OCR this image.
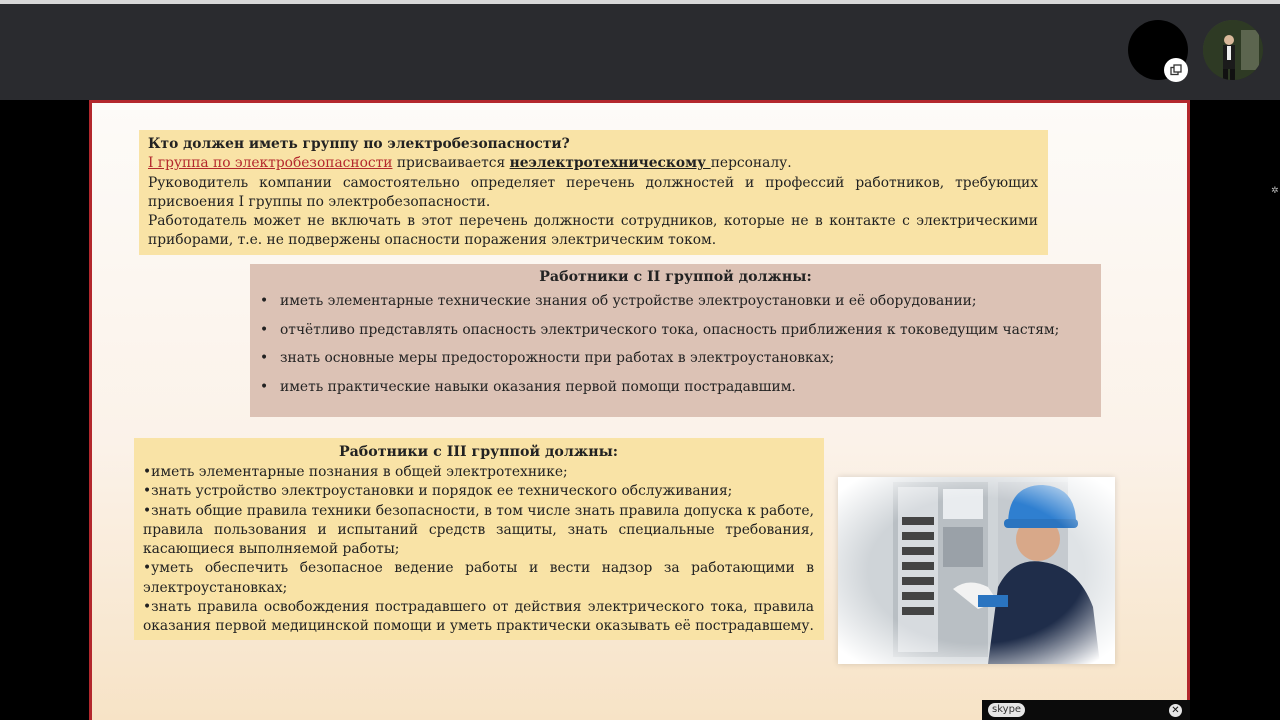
Кто должен иметь группу по электробезопасности?

I группа по электробезопасности присваивается неэлектротехническому персоналу.

Руководитель компании самостоятельно определяет перечень должностей и профессий работников, требующих присвоения I группы по электробезопасности.

Работодатель может не включать в этот перечень должности сотрудников, которые не в контакте с электрическими приборами, т.е. не подвержены опасности поражения электрическим током.

Работники с II группой должны:
• иметь элементарные технические знания об устройстве электроустановки и её оборудовании;
• отчётливо представлять опасность электрического тока, опасность приближения к токоведущим частям;
• знать основные меры предосторожности при работах в электроустановках;
• иметь практические навыки оказания первой помощи пострадавшим.
Работники с III группой должны:

•иметь элементарные познания в общей электротехнике;

•знать устройство электроустановки и порядок ее технического обслуживания;

•знать общие правила техники безопасности, в том числе знать правила допуска к работе, правила пользования и испытаний средств защиты, знать специальные требования, касающиеся выполняемой работы;

•уметь обеспечить безопасное ведение работы и вести надзор за работающими в электроустановках;

•знать правила освобождения пострадавшего от действия электрического тока, правила оказания первой медицинской помощи и уметь практически оказывать её пострадавшему.

skype	✕
✲
